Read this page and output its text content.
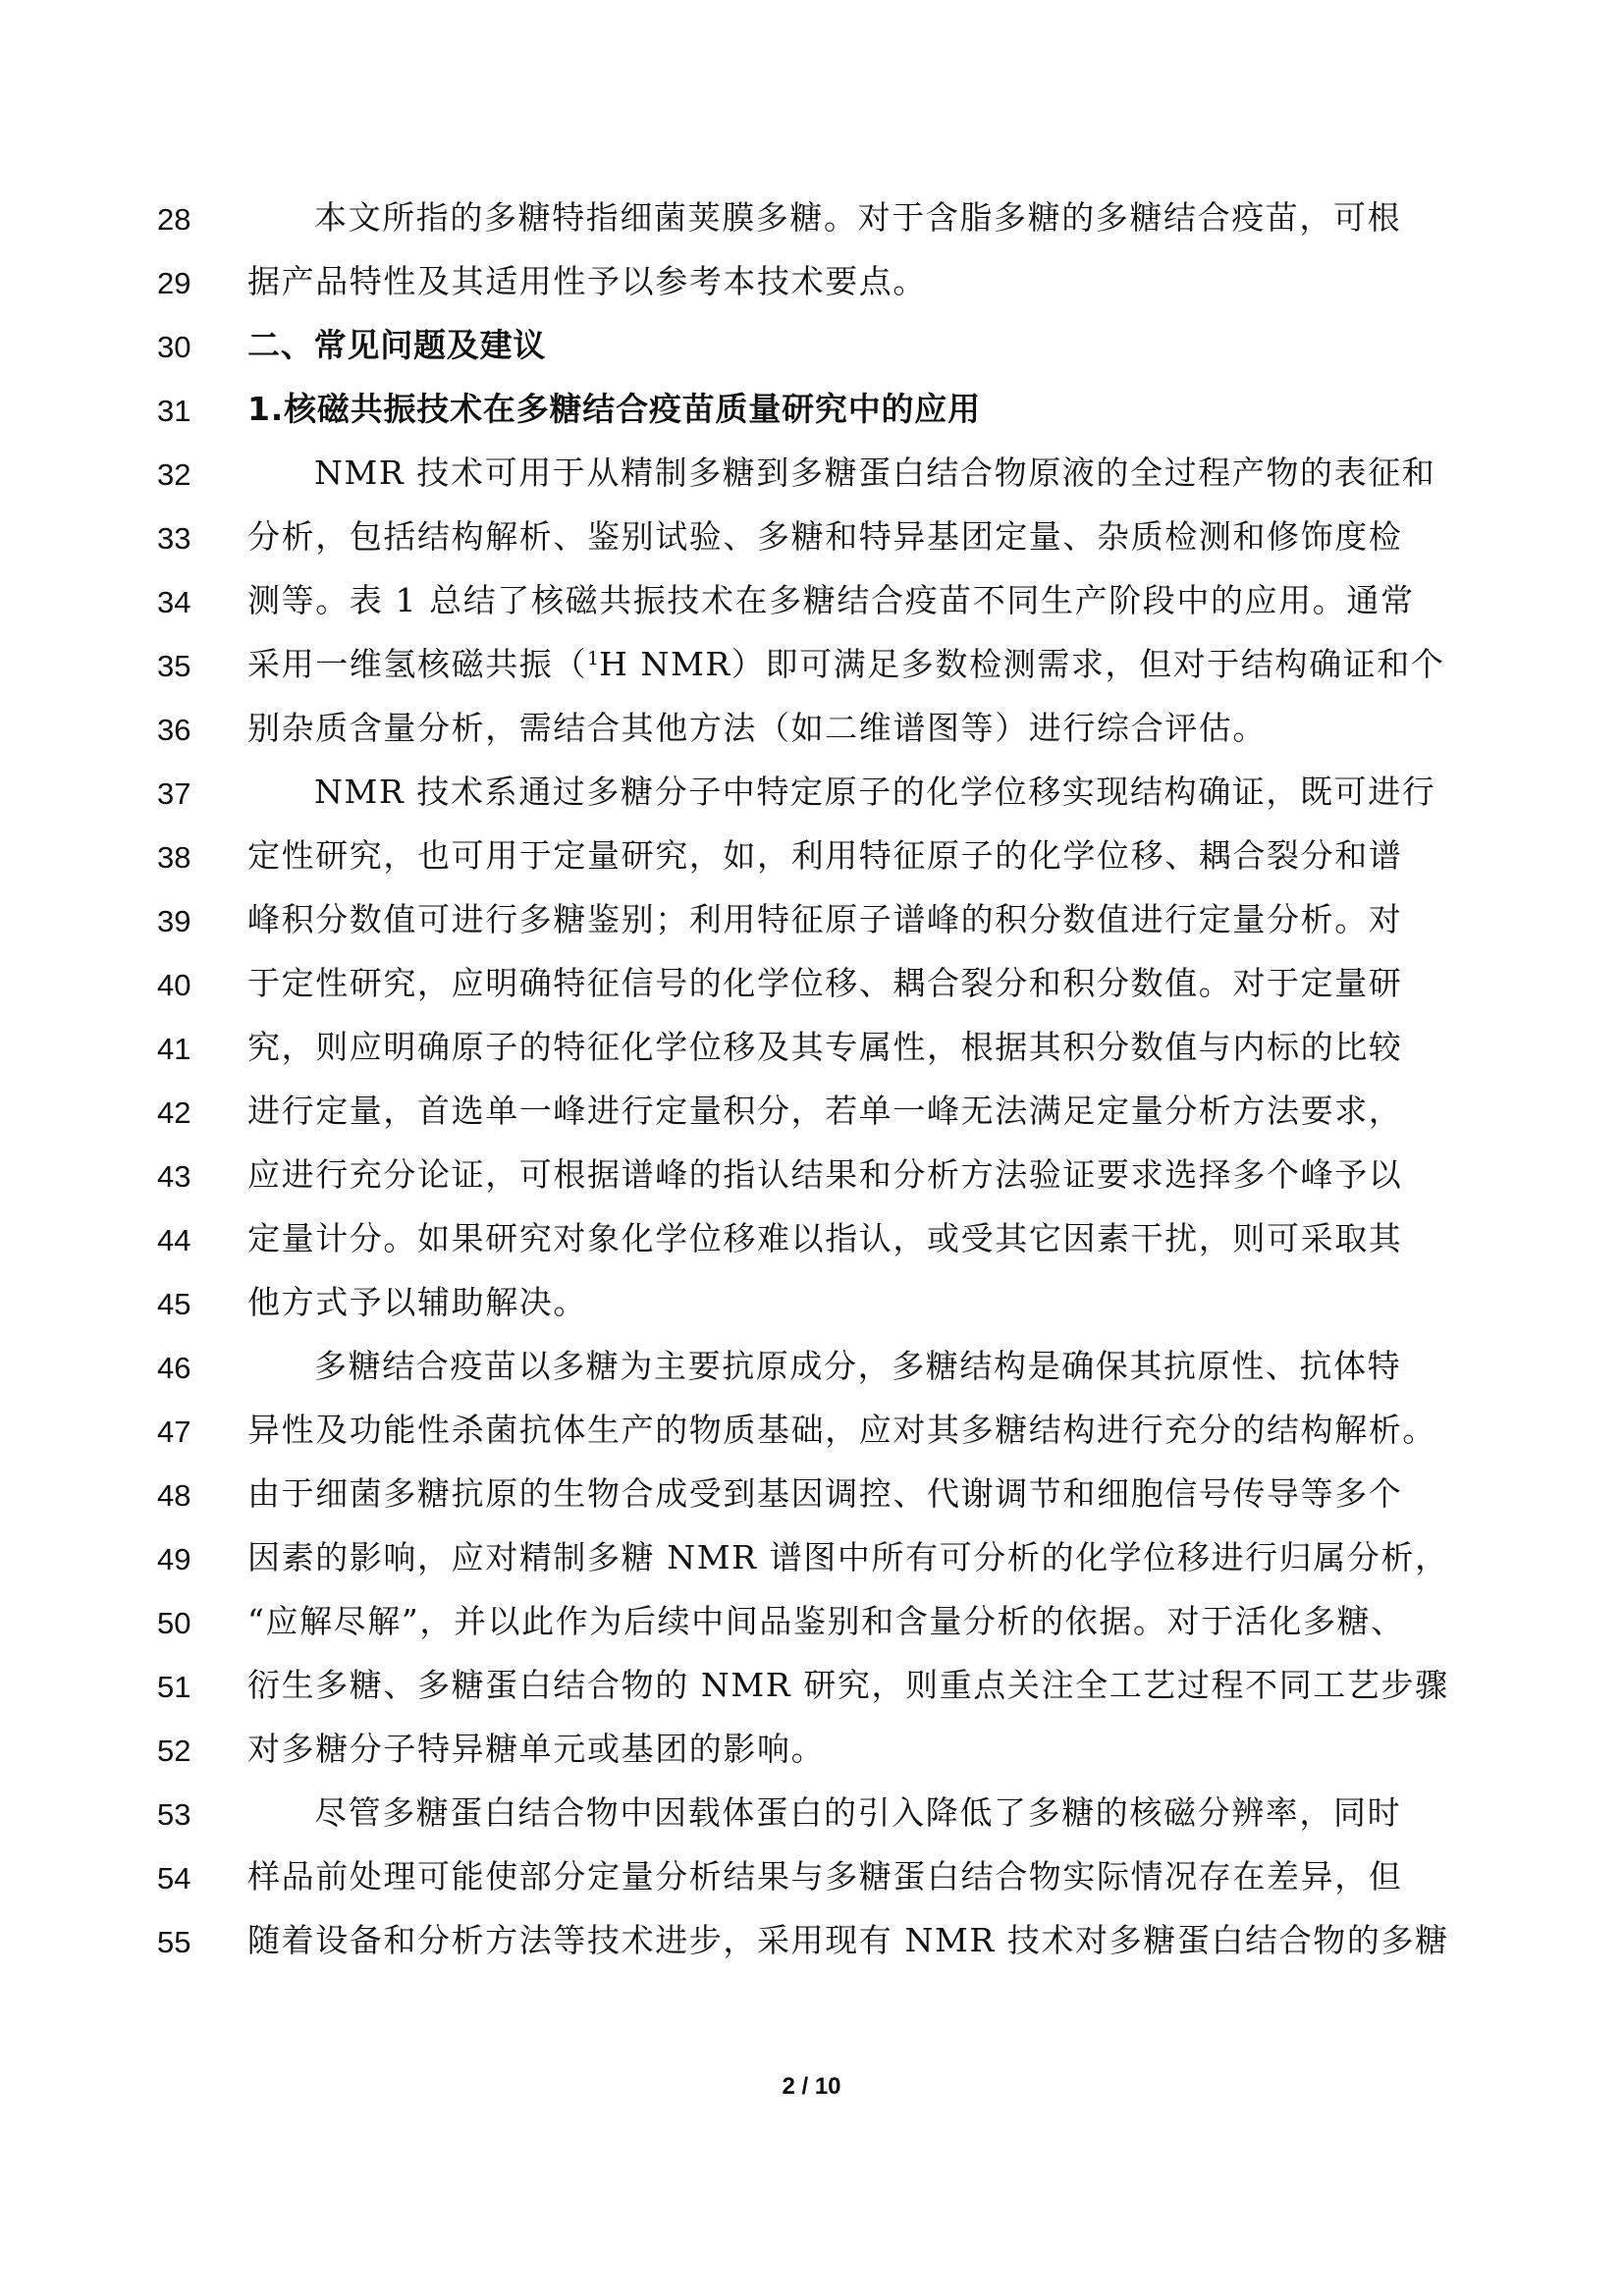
28	本文所指的多糖特指细菌荚膜多糖。对于含脂多糖的多糖结合疫苗，可根
29	据产品特性及其适用性予以参考本技术要点。
30	二、常见问题及建议
31	1.核磁共振技术在多糖结合疫苗质量研究中的应用
32	NMR 技术可用于从精制多糖到多糖蛋白结合物原液的全过程产物的表征和
33	分析，包括结构解析、鉴别试验、多糖和特异基团定量、杂质检测和修饰度检
34	测等。表 1 总结了核磁共振技术在多糖结合疫苗不同生产阶段中的应用。通常
35	采用一维氢核磁共振（$^1$H NMR）即可满足多数检测需求，但对于结构确证和个
36	别杂质含量分析，需结合其他方法（如二维谱图等）进行综合评估。
37	NMR 技术系通过多糖分子中特定原子的化学位移实现结构确证，既可进行
38	定性研究，也可用于定量研究，如，利用特征原子的化学位移、耦合裂分和谱
39	峰积分数值可进行多糖鉴别；利用特征原子谱峰的积分数值进行定量分析。对
40	于定性研究，应明确特征信号的化学位移、耦合裂分和积分数值。对于定量研
41	究，则应明确原子的特征化学位移及其专属性，根据其积分数值与内标的比较
42	进行定量，首选单一峰进行定量积分，若单一峰无法满足定量分析方法要求，
43	应进行充分论证，可根据谱峰的指认结果和分析方法验证要求选择多个峰予以
44	定量计分。如果研究对象化学位移难以指认，或受其它因素干扰，则可采取其
45	他方式予以辅助解决。
46	多糖结合疫苗以多糖为主要抗原成分，多糖结构是确保其抗原性、抗体特
47	异性及功能性杀菌抗体生产的物质基础，应对其多糖结构进行充分的结构解析。
48	由于细菌多糖抗原的生物合成受到基因调控、代谢调节和细胞信号传导等多个
49	因素的影响，应对精制多糖 NMR 谱图中所有可分析的化学位移进行归属分析，
50	“应解尽解”，并以此作为后续中间品鉴别和含量分析的依据。对于活化多糖、
51	衍生多糖、多糖蛋白结合物的 NMR 研究，则重点关注全工艺过程不同工艺步骤
52	对多糖分子特异糖单元或基团的影响。
53	尽管多糖蛋白结合物中因载体蛋白的引入降低了多糖的核磁分辨率，同时
54	样品前处理可能使部分定量分析结果与多糖蛋白结合物实际情况存在差异，但
55	随着设备和分析方法等技术进步，采用现有 NMR 技术对多糖蛋白结合物的多糖
2 / 10
